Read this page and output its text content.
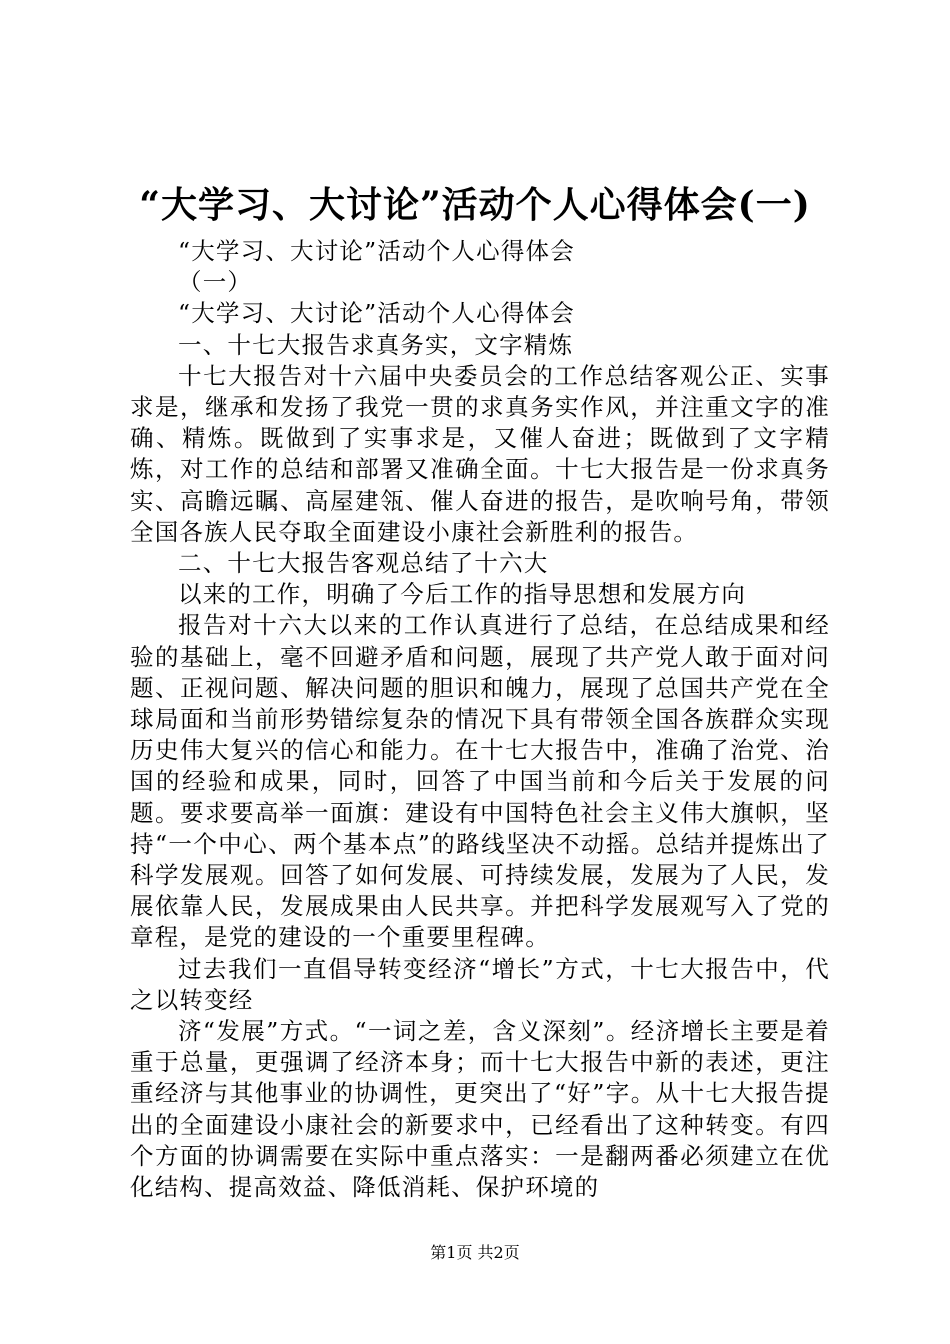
“大学习、大讨论”活动个人心得体会(一)

“大学习、大讨论”活动个人心得体会

（一）

“大学习、大讨论”活动个人心得体会

一、十七大报告求真务实，文字精炼

十七大报告对十六届中央委员会的工作总结客观公正、实事求是，继承和发扬了我党一贯的求真务实作风，并注重文字的准确、精炼。既做到了实事求是，又催人奋进；既做到了文字精炼，对工作的总结和部署又准确全面。十七大报告是一份求真务实、高瞻远瞩、高屋建瓴、催人奋进的报告，是吹响号角，带领全国各族人民夺取全面建设小康社会新胜利的报告。

二、十七大报告客观总结了十六大

以来的工作，明确了今后工作的指导思想和发展方向

报告对十六大以来的工作认真进行了总结，在总结成果和经验的基础上，毫不回避矛盾和问题，展现了共产党人敢于面对问题、正视问题、解决问题的胆识和魄力，展现了总国共产党在全球局面和当前形势错综复杂的情况下具有带领全国各族群众实现历史伟大复兴的信心和能力。在十七大报告中，准确了治党、治国的经验和成果，同时，回答了中国当前和今后关于发展的问题。要求要高举一面旗：建设有中国特色社会主义伟大旗帜，坚持“一个中心、两个基本点”的路线坚决不动摇。总结并提炼出了科学发展观。回答了如何发展、可持续发展，发展为了人民，发展依靠人民，发展成果由人民共享。并把科学发展观写入了党的章程，是党的建设的一个重要里程碑。

过去我们一直倡导转变经济“增长”方式，十七大报告中，代之以转变经

济“发展”方式。“一词之差，含义深刻”。经济增长主要是着重于总量，更强调了经济本身；而十七大报告中新的表述，更注重经济与其他事业的协调性，更突出了“好”字。从十七大报告提出的全面建设小康社会的新要求中，已经看出了这种转变。有四个方面的协调需要在实际中重点落实：一是翻两番必须建立在优化结构、提高效益、降低消耗、保护环境的

第1页 共2页
